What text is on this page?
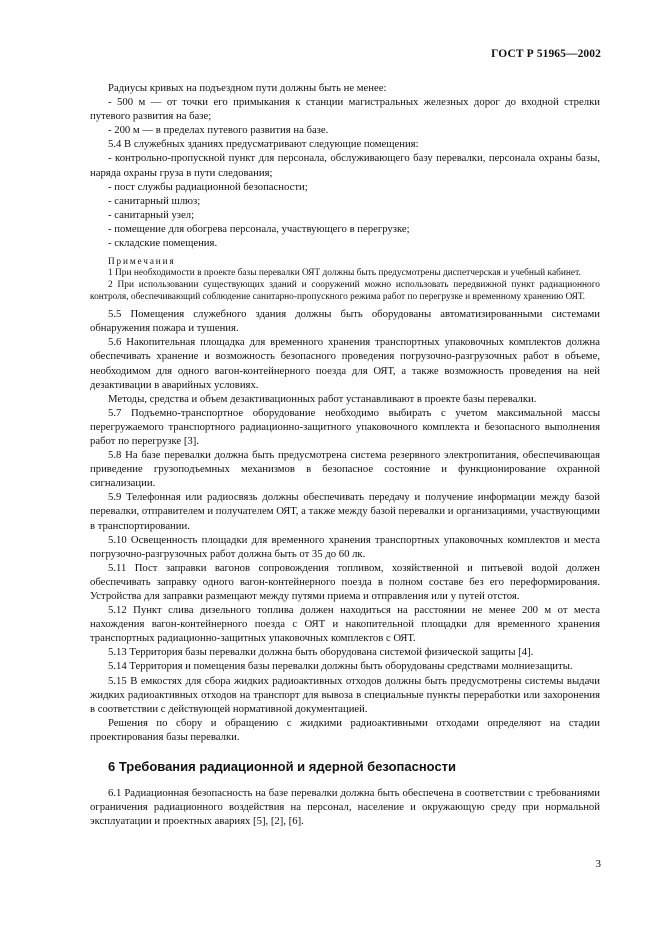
ГОСТ Р 51965—2002

Радиусы кривых на подъездном пути должны быть не менее:

- 500 м — от точки его примыкания к станции магистральных железных дорог до входной стрелки путевого развития на базе;

- 200 м — в пределах путевого развития на базе.

5.4 В служебных зданиях предусматривают следующие помещения:

- контрольно-пропускной пункт для персонала, обслуживающего базу перевалки, персонала охраны базы, наряда охраны груза в пути следования;

- пост службы радиационной безопасности;

- санитарный шлюз;

- санитарный узел;

- помещение для обогрева персонала, участвующего в перегрузке;

- складские помещения.

Примечания

1 При необходимости в проекте базы перевалки ОЯТ должны быть предусмотрены диспетчерская и учебный кабинет.

2 При использовании существующих зданий и сооружений можно использовать передвижной пункт радиационного контроля, обеспечивающий соблюдение санитарно-пропускного режима работ по перегрузке и временному хранению ОЯТ.

5.5 Помещения служебного здания должны быть оборудованы автоматизированными системами обнаружения пожара и тушения.

5.6 Накопительная площадка для временного хранения транспортных упаковочных комплектов должна обеспечивать хранение и возможность безопасного проведения погрузочно-разгрузочных работ в объеме, необходимом для одного вагон-контейнерного поезда для ОЯТ, а также возможность проведения на ней дезактивации в аварийных условиях.

Методы, средства и объем дезактивационных работ устанавливают в проекте базы перевалки.

5.7 Подъемно-транспортное оборудование необходимо выбирать с учетом максимальной массы перегружаемого транспортного радиационно-защитного упаковочного комплекта и безопасного выполнения работ по перегрузке [3].

5.8 На базе перевалки должна быть предусмотрена система резервного электропитания, обеспечивающая приведение грузоподъемных механизмов в безопасное состояние и функционирование охранной сигнализации.

5.9 Телефонная или радиосвязь должны обеспечивать передачу и получение информации между базой перевалки, отправителем и получателем ОЯТ, а также между базой перевалки и организациями, участвующими в транспортировании.

5.10 Освещенность площадки для временного хранения транспортных упаковочных комплектов и места погрузочно-разгрузочных работ должна быть от 35 до 60 лк.

5.11 Пост заправки вагонов сопровождения топливом, хозяйственной и питьевой водой должен обеспечивать заправку одного вагон-контейнерного поезда в полном составе без его переформирования. Устройства для заправки размещают между путями приема и отправления или у путей отстоя.

5.12 Пункт слива дизельного топлива должен находиться на расстоянии не менее 200 м от места нахождения вагон-контейнерного поезда с ОЯТ и накопительной площадки для временного хранения транспортных радиационно-защитных упаковочных комплектов с ОЯТ.

5.13 Территория базы перевалки должна быть оборудована системой физической защиты [4].

5.14 Территория и помещения базы перевалки должны быть оборудованы средствами молниезащиты.

5.15 В емкостях для сбора жидких радиоактивных отходов должны быть предусмотрены системы выдачи жидких радиоактивных отходов на транспорт для вывоза в специальные пункты переработки или захоронения в соответствии с действующей нормативной документацией.

Решения по сбору и обращению с жидкими радиоактивными отходами определяют на стадии проектирования базы перевалки.

6 Требования радиационной и ядерной безопасности

6.1 Радиационная безопасность на базе перевалки должна быть обеспечена в соответствии с требованиями ограничения радиационного воздействия на персонал, население и окружающую среду при нормальной эксплуатации и проектных авариях [5], [2], [6].

3
